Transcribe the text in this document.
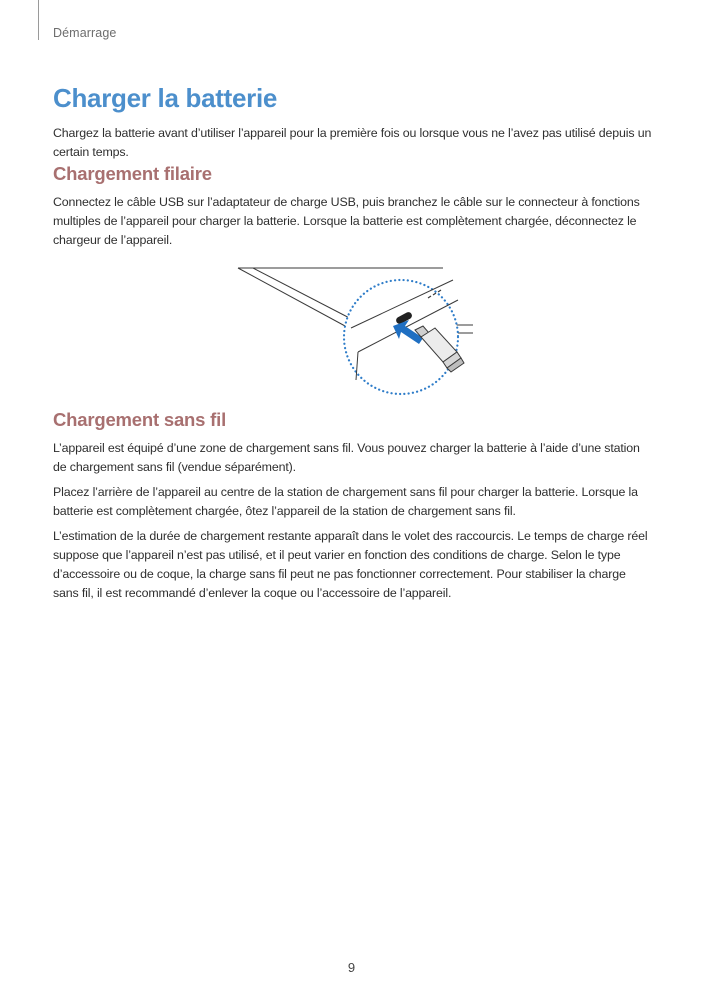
Démarrage
Charger la batterie

Chargez la batterie avant d’utiliser l’appareil pour la première fois ou lorsque vous ne l’avez pas utilisé depuis un certain temps.

Chargement filaire

Connectez le câble USB sur l’adaptateur de charge USB, puis branchez le câble sur le connecteur à fonctions multiples de l’appareil pour charger la batterie. Lorsque la batterie est complètement chargée, déconnectez le chargeur de l’appareil.

Chargement sans fil

L’appareil est équipé d’une zone de chargement sans fil. Vous pouvez charger la batterie à l’aide d’une station de chargement sans fil (vendue séparément).

Placez l’arrière de l’appareil au centre de la station de chargement sans fil pour charger la batterie. Lorsque la batterie est complètement chargée, ôtez l’appareil de la station de chargement sans fil.

L’estimation de la durée de chargement restante apparaît dans le volet des raccourcis. Le temps de charge réel suppose que l’appareil n’est pas utilisé, et il peut varier en fonction des conditions de charge. Selon le type d’accessoire ou de coque, la charge sans fil peut ne pas fonctionner correctement. Pour stabiliser la charge sans fil, il est recommandé d’enlever la coque ou l’accessoire de l’appareil.

9
